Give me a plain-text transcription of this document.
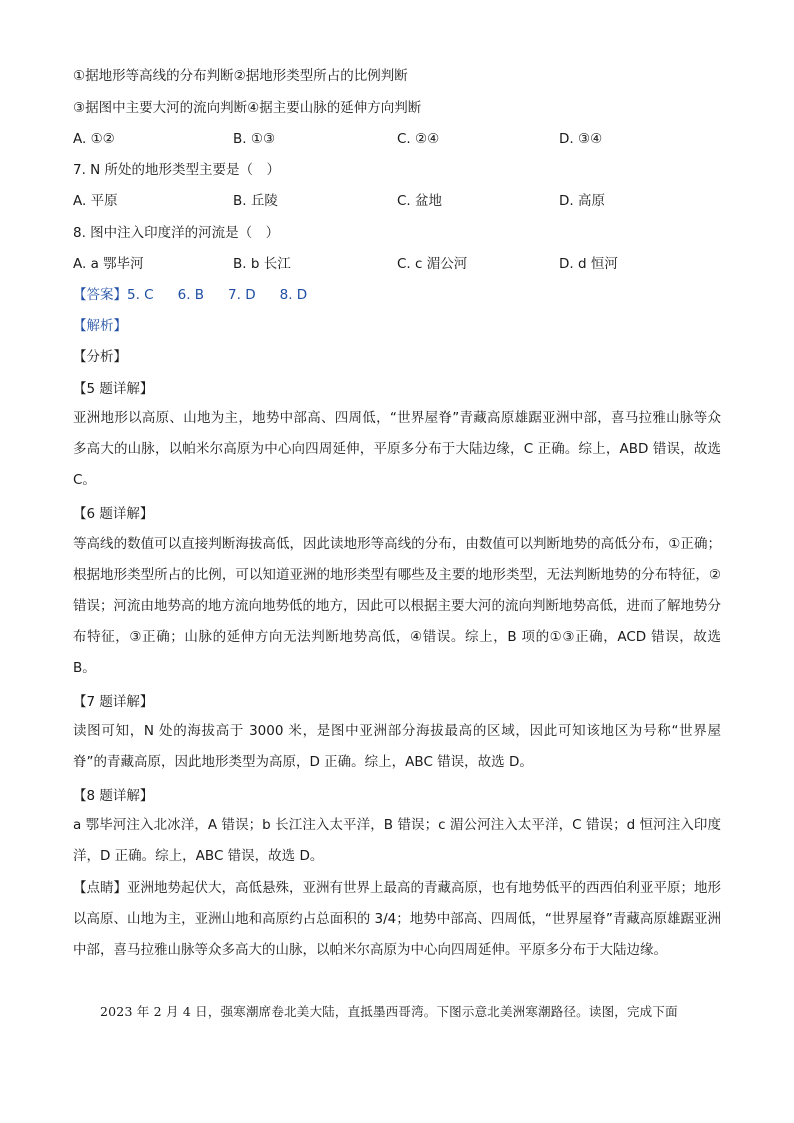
①据地形等高线的分布判断②据地形类型所占的比例判断
③据图中主要大河的流向判断④据主要山脉的延伸方向判断
A. ①②	B. ①③	C. ②④	D. ③④
7. N 所处的地形类型主要是（　）
A. 平原	B. 丘陵	C. 盆地	D. 高原
8. 图中注入印度洋的河流是（　）
A. a 鄂毕河	B. b 长江	C. c 湄公河	D. d 恒河
【答案】5. C 6. B 7. D 8. D
【解析】
【分析】
【5 题详解】
亚洲地形以高原、山地为主，地势中部高、四周低，“世界屋脊”青藏高原雄踞亚洲中部，喜马拉雅山脉等众多高大的山脉，以帕米尔高原为中心向四周延伸，平原多分布于大陆边缘，C 正确。综上，ABD 错误，故选 C。
【6 题详解】
等高线的数值可以直接判断海拔高低，因此读地形等高线的分布，由数值可以判断地势的高低分布，①正确；根据地形类型所占的比例，可以知道亚洲的地形类型有哪些及主要的地形类型，无法判断地势的分布特征，②错误；河流由地势高的地方流向地势低的地方，因此可以根据主要大河的流向判断地势高低，进而了解地势分布特征，③正确；山脉的延伸方向无法判断地势高低，④错误。综上，B 项的①③正确，ACD 错误，故选 B。
【7 题详解】
读图可知，N 处的海拔高于 3000 米，是图中亚洲部分海拔最高的区域，因此可知该地区为号称“世界屋脊”的青藏高原，因此地形类型为高原，D 正确。综上，ABC 错误，故选 D。
【8 题详解】
a 鄂毕河注入北冰洋，A 错误；b 长江注入太平洋，B 错误；c 湄公河注入太平洋，C 错误；d 恒河注入印度洋，D 正确。综上，ABC 错误，故选 D。
【点睛】亚洲地势起伏大，高低悬殊，亚洲有世界上最高的青藏高原，也有地势低平的西西伯利亚平原；地形以高原、山地为主，亚洲山地和高原约占总面积的 3/4；地势中部高、四周低，“世界屋脊”青藏高原雄踞亚洲中部，喜马拉雅山脉等众多高大的山脉，以帕米尔高原为中心向四周延伸。平原多分布于大陆边缘。
2023 年 2 月 4 日，强寒潮席卷北美大陆，直抵墨西哥湾。下图示意北美洲寒潮路径。读图，完成下面
